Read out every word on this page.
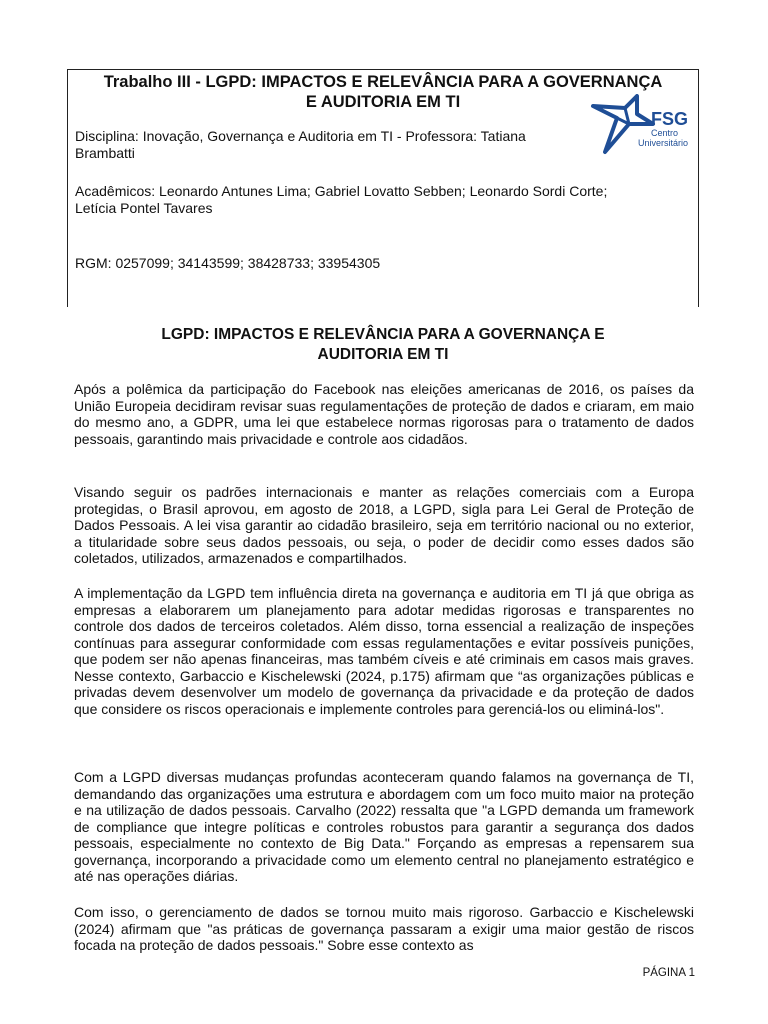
Trabalho III - LGPD: IMPACTOS E RELEVÂNCIA PARA A GOVERNANÇA
E AUDITORIA EM TI
Disciplina: Inovação, Governança e Auditoria em TI - Professora: Tatiana
Brambatti
Acadêmicos: Leonardo Antunes Lima; Gabriel Lovatto Sebben; Leonardo Sordi Corte;
Letícia Pontel Tavares
RGM: 0257099; 34143599; 38428733; 33954305
FSG
Centro
Universitário
LGPD: IMPACTOS E RELEVÂNCIA PARA A GOVERNANÇA E
AUDITORIA EM TI

Após a polêmica da participação do Facebook nas eleições americanas de 2016, os países da União Europeia decidiram revisar suas regulamentações de proteção de dados e criaram, em maio do mesmo ano, a GDPR, uma lei que estabelece normas rigorosas para o tratamento de dados pessoais, garantindo mais privacidade e controle aos cidadãos.

Visando seguir os padrões internacionais e manter as relações comerciais com a Europa protegidas, o Brasil aprovou, em agosto de 2018, a LGPD, sigla para Lei Geral de Proteção de Dados Pessoais. A lei visa garantir ao cidadão brasileiro, seja em território nacional ou no exterior, a titularidade sobre seus dados pessoais, ou seja, o poder de decidir como esses dados são coletados, utilizados, armazenados e compartilhados.

A implementação da LGPD tem influência direta na governança e auditoria em TI já que obriga as empresas a elaborarem um planejamento para adotar medidas rigorosas e transparentes no controle dos dados de terceiros coletados. Além disso, torna essencial a realização de inspeções contínuas para assegurar conformidade com essas regulamentações e evitar possíveis punições, que podem ser não apenas financeiras, mas também cíveis e até criminais em casos mais graves. Nesse contexto, Garbaccio e Kischelewski (2024, p.175) afirmam que “as organizações públicas e privadas devem desenvolver um modelo de governança da privacidade e da proteção de dados que considere os riscos operacionais e implemente controles para gerenciá-los ou eliminá-los".

Com a LGPD diversas mudanças profundas aconteceram quando falamos na governança de TI, demandando das organizações uma estrutura e abordagem com um foco muito maior na proteção e na utilização de dados pessoais. Carvalho (2022) ressalta que "a LGPD demanda um framework de compliance que integre políticas e controles robustos para garantir a segurança dos dados pessoais, especialmente no contexto de Big Data." Forçando as empresas a repensarem sua governança, incorporando a privacidade como um elemento central no planejamento estratégico e até nas operações diárias.

Com isso, o gerenciamento de dados se tornou muito mais rigoroso. Garbaccio e Kischelewski (2024) afirmam que "as práticas de governança passaram a exigir uma maior gestão de riscos focada na proteção de dados pessoais." Sobre esse contexto as

PÁGINA 1
